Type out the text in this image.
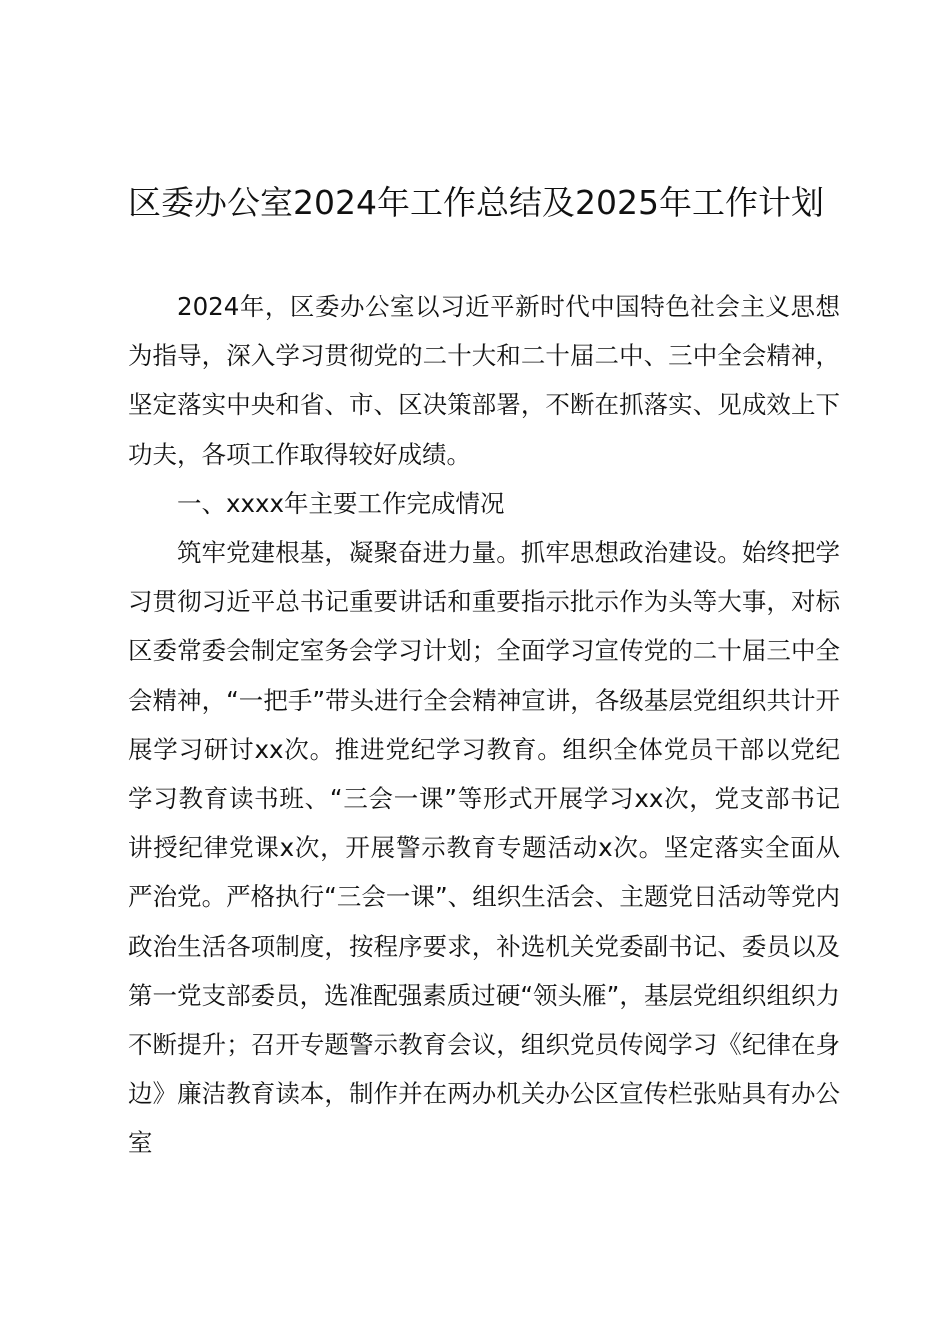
区委办公室2024年工作总结及2025年工作计划

2024年，区委办公室以习近平新时代中国特色社会主义思想为指导，深入学习贯彻党的二十大和二十届二中、三中全会精神，坚定落实中央和省、市、区决策部署，不断在抓落实、见成效上下功夫，各项工作取得较好成绩。

一、xxxx年主要工作完成情况

筑牢党建根基，凝聚奋进力量。抓牢思想政治建设。始终把学习贯彻习近平总书记重要讲话和重要指示批示作为头等大事，对标区委常委会制定室务会学习计划；全面学习宣传党的二十届三中全会精神，“一把手”带头进行全会精神宣讲，各级基层党组织共计开展学习研讨xx次。推进党纪学习教育。组织全体党员干部以党纪学习教育读书班、“三会一课”等形式开展学习xx次，党支部书记讲授纪律党课x次，开展警示教育专题活动x次。坚定落实全面从严治党。严格执行“三会一课”、组织生活会、主题党日活动等党内政治生活各项制度，按程序要求，补选机关党委副书记、委员以及第一党支部委员，选准配强素质过硬“领头雁”，基层党组织组织力不断提升；召开专题警示教育会议，组织党员传阅学习《纪律在身边》廉洁教育读本，制作并在两办机关办公区宣传栏张贴具有办公室
